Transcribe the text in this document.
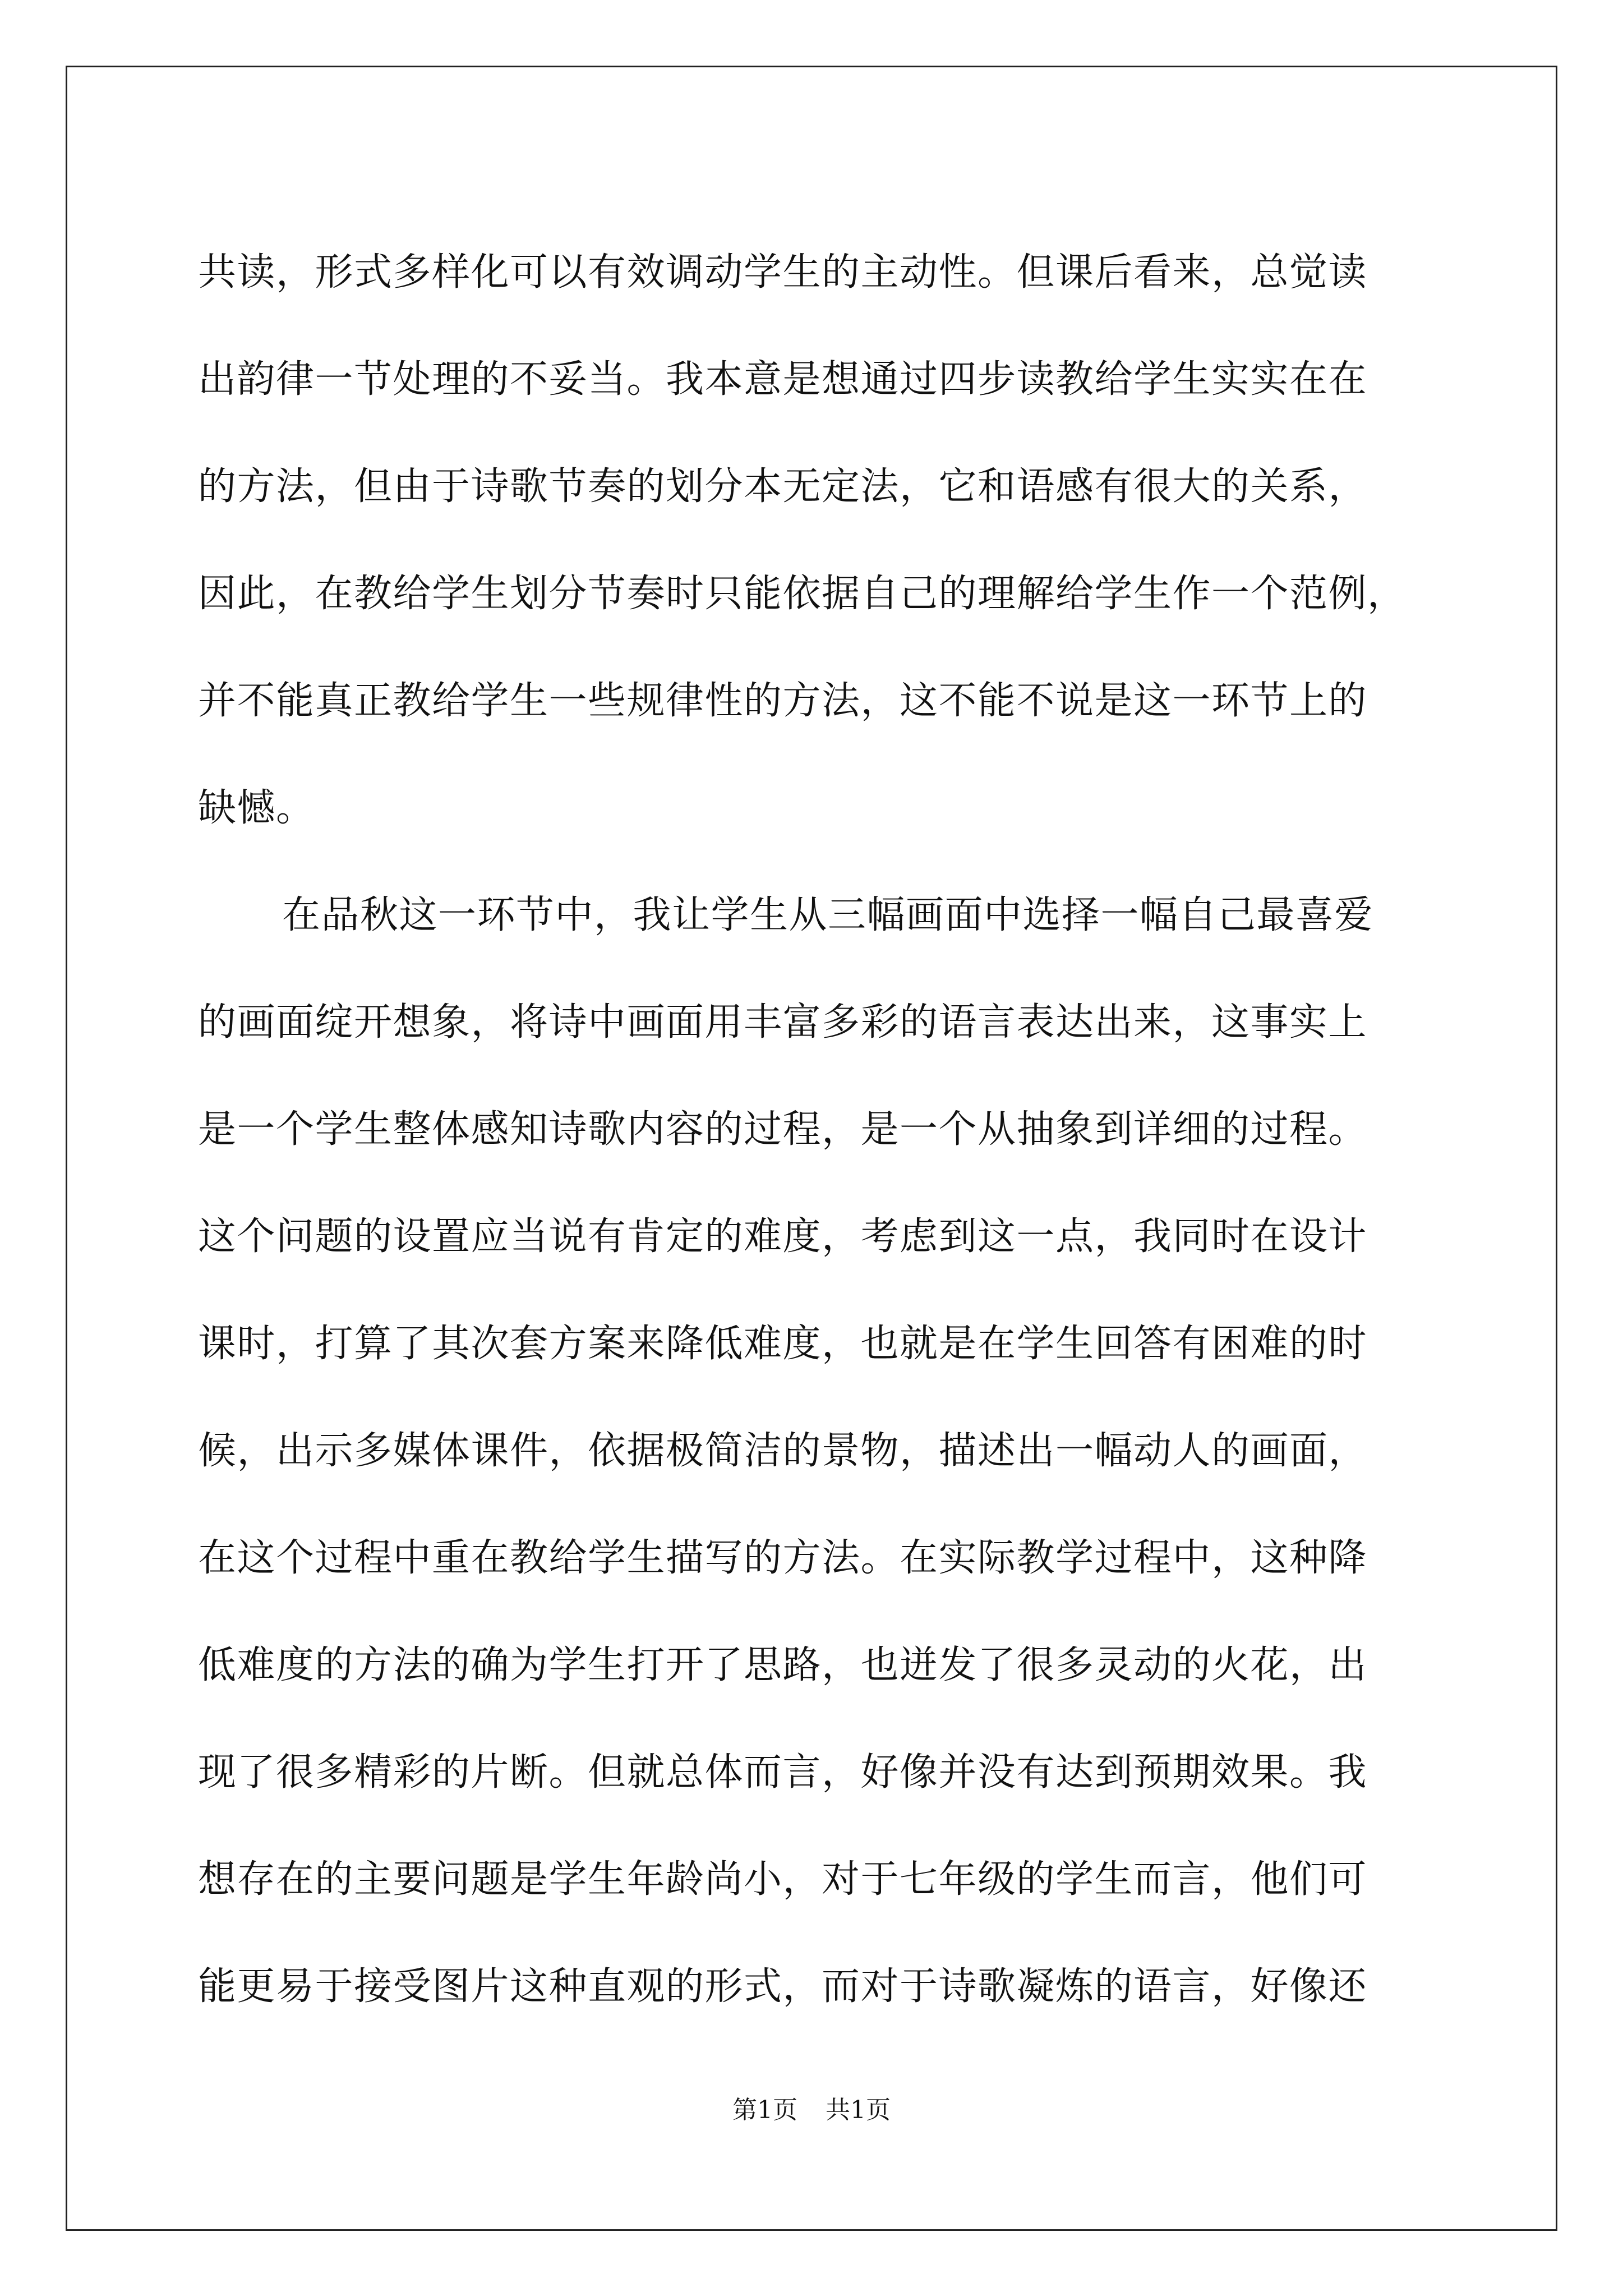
共读，形式多样化可以有效调动学生的主动性。但课后看来，总觉读
出韵律一节处理的不妥当。我本意是想通过四步读教给学生实实在在
的方法，但由于诗歌节奏的划分本无定法，它和语感有很大的关系，
因此，在教给学生划分节奏时只能依据自己的理解给学生作一个范例，
并不能真正教给学生一些规律性的方法，这不能不说是这一环节上的
缺憾。
在品秋这一环节中，我让学生从三幅画面中选择一幅自己最喜爱
的画面绽开想象，将诗中画面用丰富多彩的语言表达出来，这事实上
是一个学生整体感知诗歌内容的过程，是一个从抽象到详细的过程。
这个问题的设置应当说有肯定的难度，考虑到这一点，我同时在设计
课时，打算了其次套方案来降低难度，也就是在学生回答有困难的时
候，出示多媒体课件，依据极简洁的景物，描述出一幅动人的画面，
在这个过程中重在教给学生描写的方法。在实际教学过程中，这种降
低难度的方法的确为学生打开了思路，也迸发了很多灵动的火花，出
现了很多精彩的片断。但就总体而言，好像并没有达到预期效果。我
想存在的主要问题是学生年龄尚小，对于七年级的学生而言，他们可
能更易于接受图片这种直观的形式，而对于诗歌凝炼的语言，好像还
第1页 共1页
